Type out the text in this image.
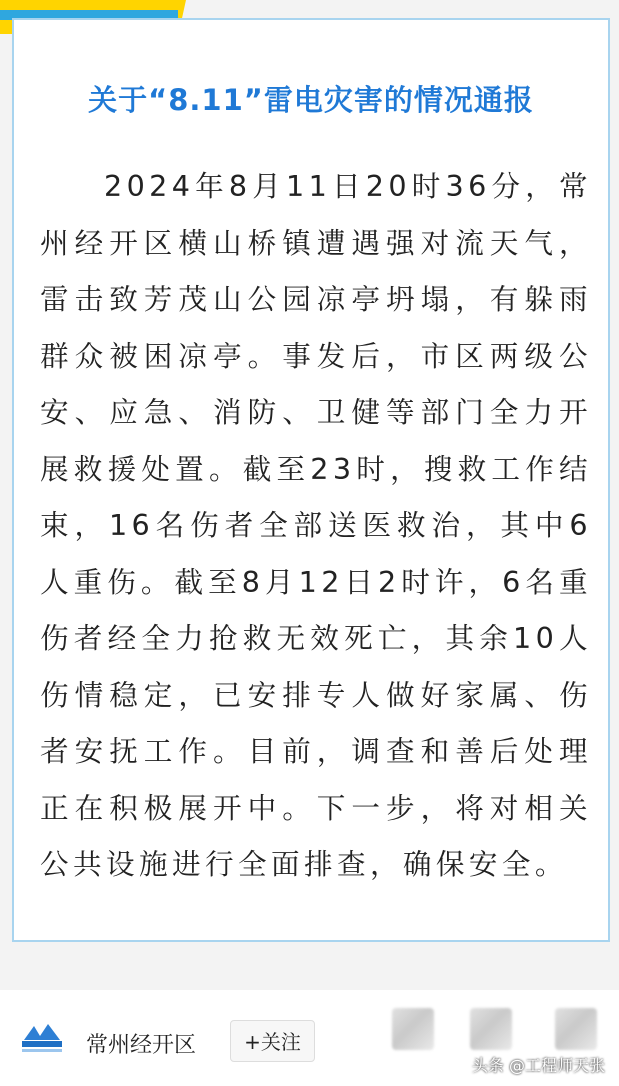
关于“8.11”雷电灾害的情况通报
2024年8月11日20时36分，常州经开区横山桥镇遭遇强对流天气，雷击致芳茂山公园凉亭坍塌，有躲雨群众被困凉亭。事发后，市区两级公安、应急、消防、卫健等部门全力开展救援处置。截至23时，搜救工作结束，16名伤者全部送医救治，其中6人重伤。截至8月12日2时许，6名重伤者经全力抢救无效死亡，其余10人伤情稳定，已安排专人做好家属、伤者安抚工作。目前，调查和善后处理正在积极展开中。下一步，将对相关公共设施进行全面排查，确保安全。
常州经开区	+关注
头条 @工程师天张
